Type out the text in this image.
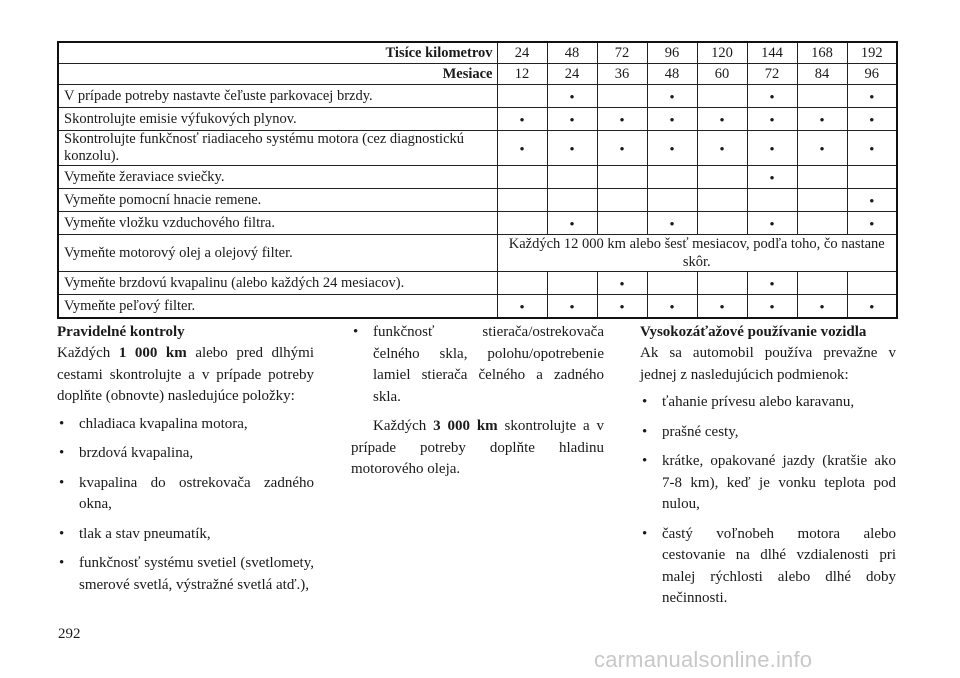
Tisíce kilometrov	24	48	72	96	120	144	168	192
Mesiace	12	24	36	48	60	72	84	96
V prípade potreby nastavte čeľuste parkovacej brzdy.		•		•		•		•
Skontrolujte emisie výfukových plynov.	•	•	•	•	•	•	•	•
Skontrolujte funkčnosť riadiaceho systému motora (cez diagnostickú konzolu).	•	•	•	•	•	•	•	•
Vymeňte žeraviace sviečky.						•		
Vymeňte pomocní hnacie remene.								•
Vymeňte vložku vzduchového filtra.		•		•		•		•
Vymeňte motorový olej a olejový filter.	Každých 12 000 km alebo šesť mesiacov, podľa toho, čo nastane skôr.							
Vymeňte brzdovú kvapalinu (alebo každých 24 mesiacov).			•			•		
Vymeňte peľový filter.	•	•	•	•	•	•	•	•
Pravidelné kontroly

Každých 1 000 km alebo pred dlhými cestami skontrolujte a v prípade potreby doplňte (obnovte) nasledujúce položky:

• chladiaca kvapalina motora,
• brzdová kvapalina,
• kvapalina do ostrekovača zadného okna,
• tlak a stav pneumatík,
• funkčnosť systému svetiel (svetlomety, smerové svetlá, výstražné svetlá atď.),
• funkčnosť stierača/ostrekovača čelného skla, polohu/opotrebenie lamiel stierača čelného a zadného skla.

Každých 3 000 km skontrolujte a v prípade potreby doplňte hladinu motorového oleja.

Vysokozáťažové používanie vozidla

Ak sa automobil používa prevažne v jednej z nasledujúcich podmienok:

• ťahanie prívesu alebo karavanu,
• prašné cesty,
• krátke, opakované jazdy (kratšie ako 7-8 km), keď je vonku teplota pod nulou,
• častý voľnobeh motora alebo cestovanie na dlhé vzdialenosti pri malej rýchlosti alebo dlhé doby nečinnosti.
292
carmanualsonline.info
